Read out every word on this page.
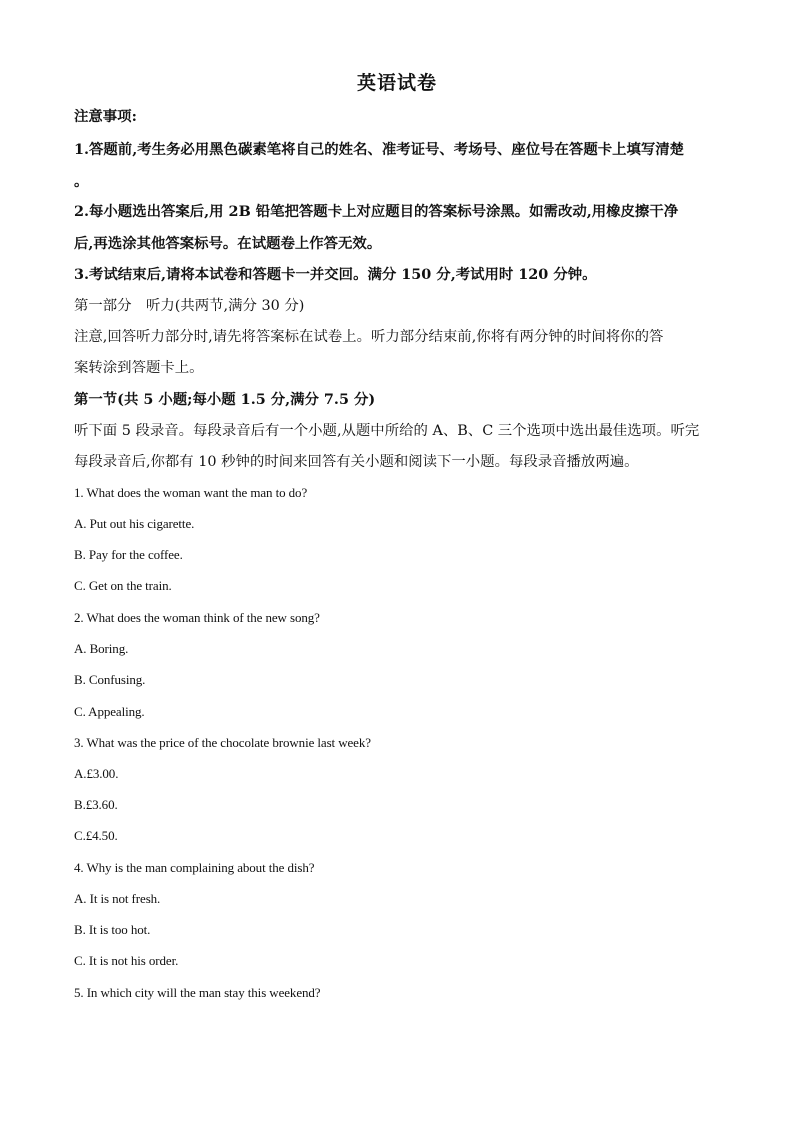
英语试卷
注意事项:
1.答题前,考生务必用黑色碳素笔将自己的姓名、准考证号、考场号、座位号在答题卡上填写清楚
。
2.每小题选出答案后,用 2B 铅笔把答题卡上对应题目的答案标号涂黑。如需改动,用橡皮擦干净
后,再选涂其他答案标号。在试题卷上作答无效。
3.考试结束后,请将本试卷和答题卡一并交回。满分 150 分,考试用时 120 分钟。
第一部分　听力(共两节,满分 30 分)
注意,回答听力部分时,请先将答案标在试卷上。听力部分结束前,你将有两分钟的时间将你的答
案转涂到答题卡上。
第一节(共 5 小题;每小题 1.5 分,满分 7.5 分)
听下面 5 段录音。每段录音后有一个小题,从题中所给的 A、B、C 三个选项中选出最佳选项。听完
每段录音后,你都有 10 秒钟的时间来回答有关小题和阅读下一小题。每段录音播放两遍。
1. What does the woman want the man to do?
A. Put out his cigarette.
B. Pay for the coffee.
C. Get on the train.
2. What does the woman think of the new song?
A. Boring.
B. Confusing.
C. Appealing.
3. What was the price of the chocolate brownie last week?
A.£3.00.
B.£3.60.
C.£4.50.
4. Why is the man complaining about the dish?
A. It is not fresh.
B. It is too hot.
C. It is not his order.
5. In which city will the man stay this weekend?
